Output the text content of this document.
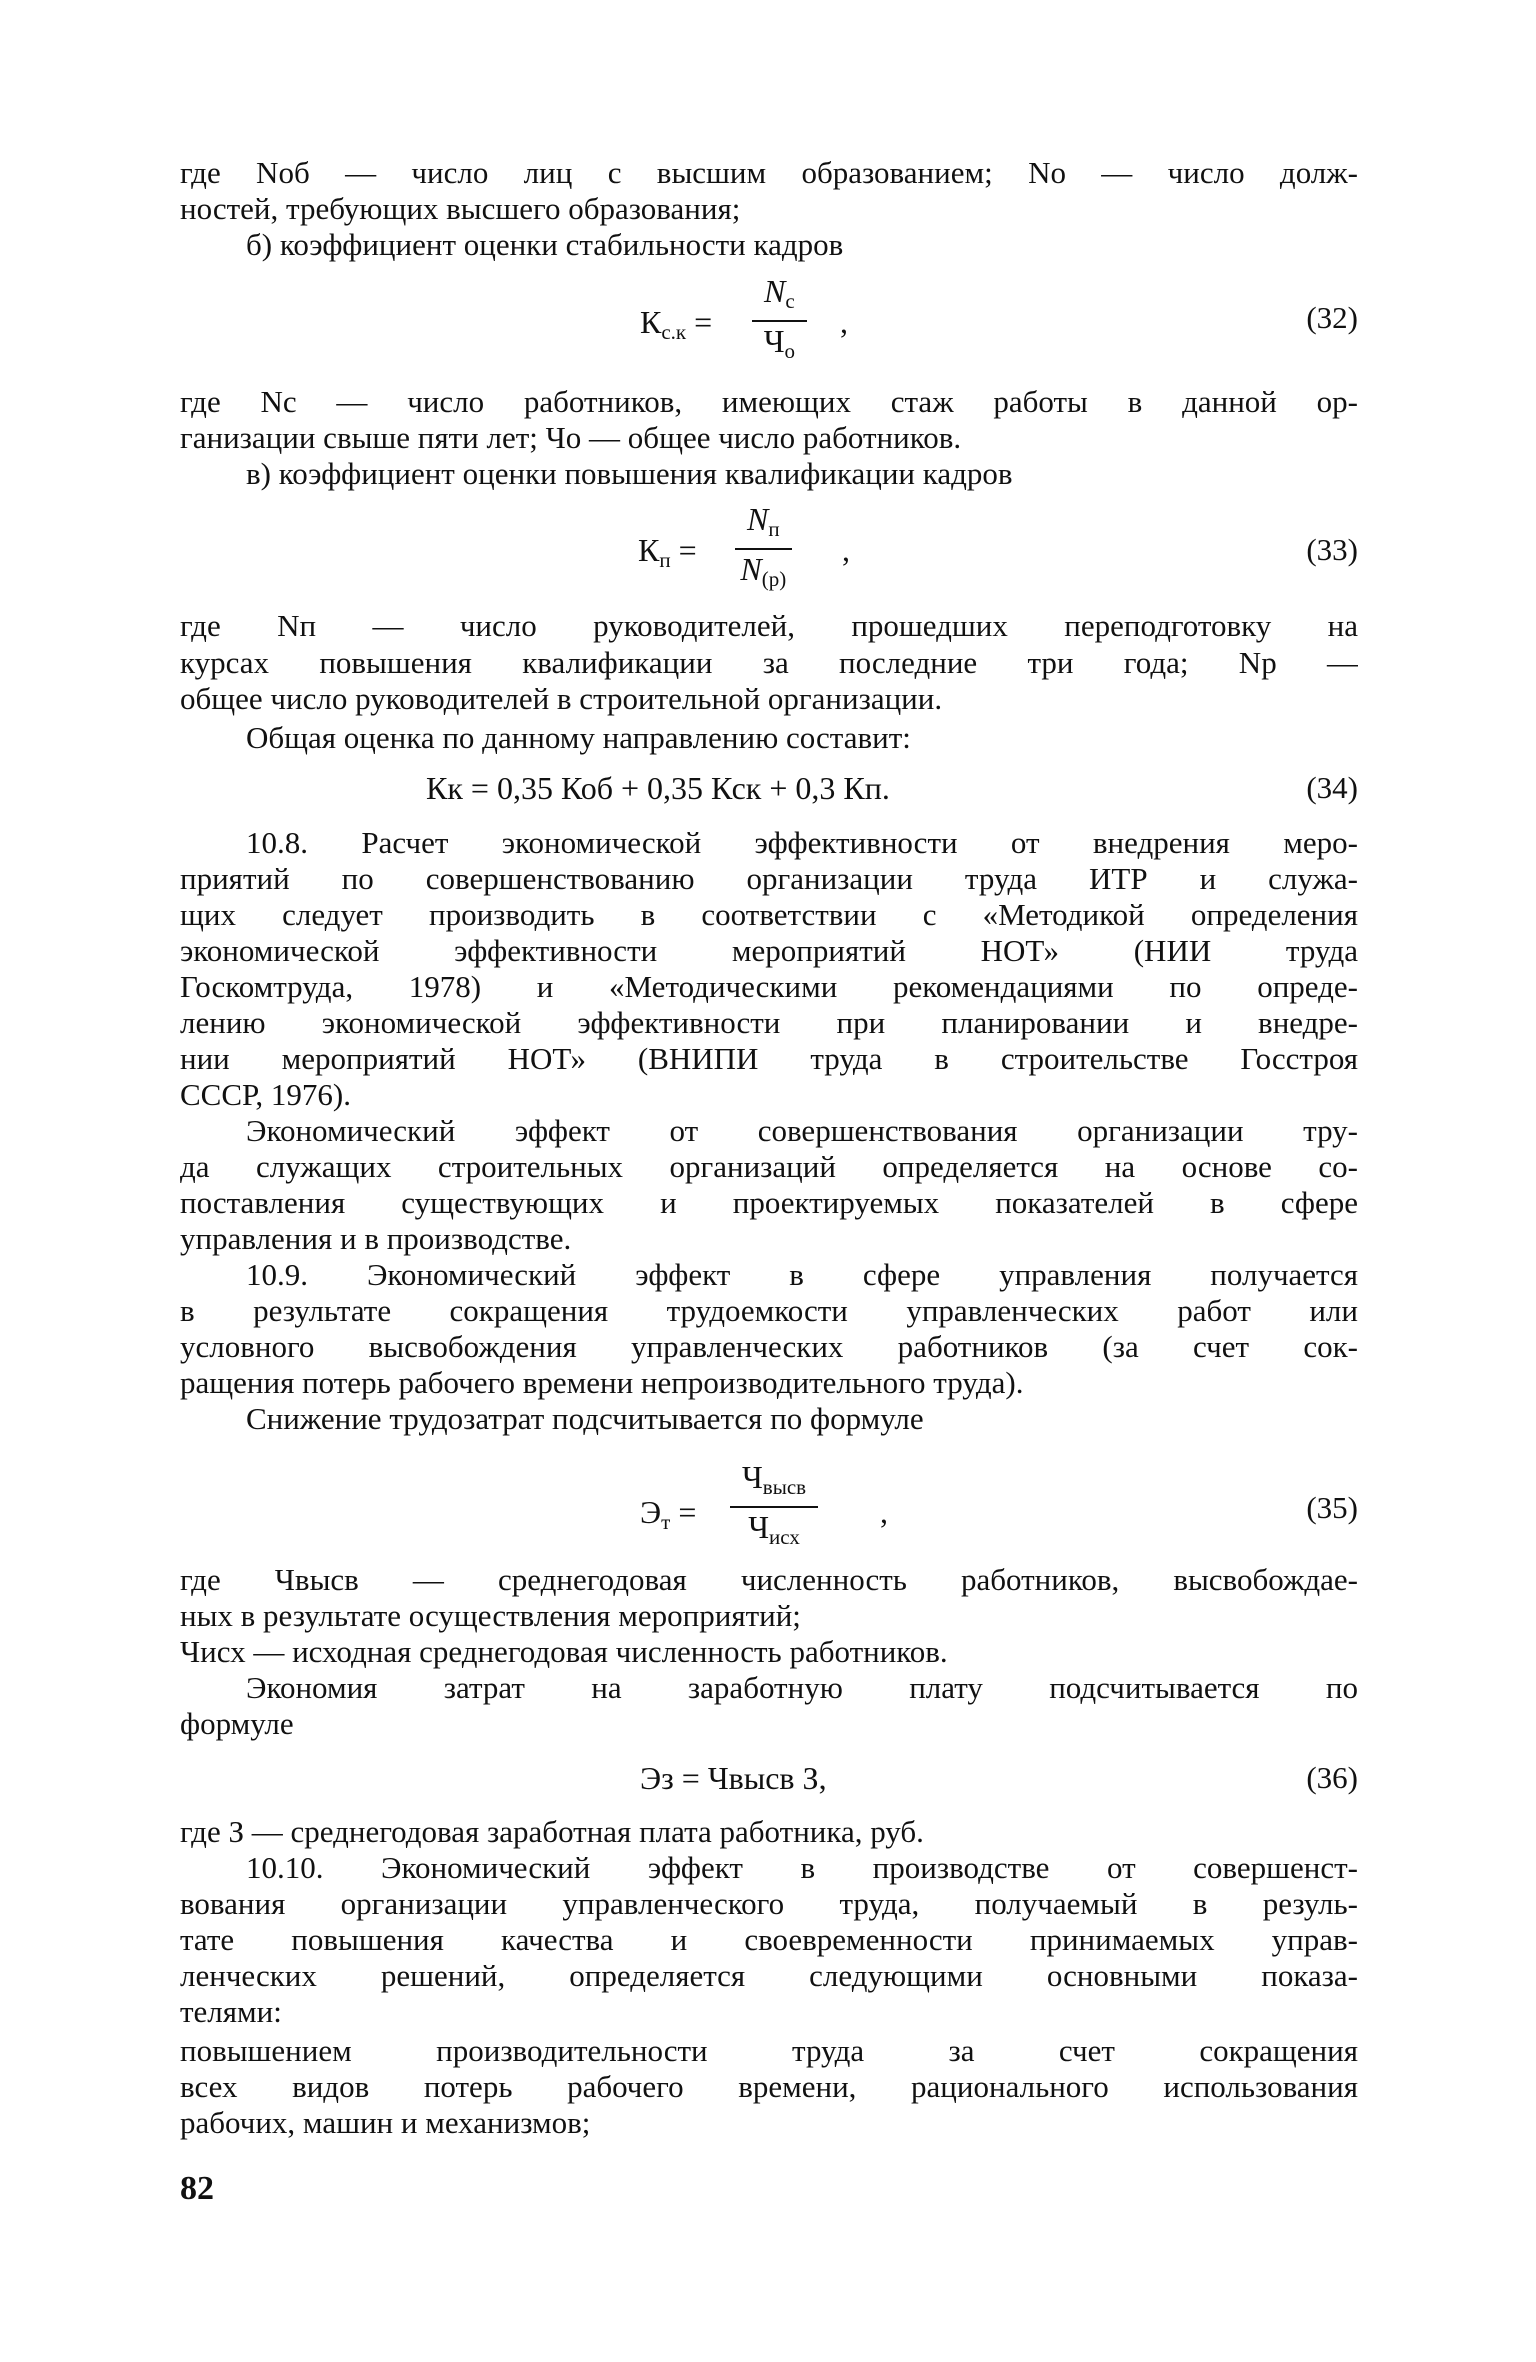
где Nоб — число лиц с высшим образованием; Nо — число долж-
ностей, требующих высшего образования;
б) коэффициент оценки стабильности кадров
где Nс — число работников, имеющих стаж работы в данной ор-
ганизации свыше пяти лет; Чо — общее число работников.
в) коэффициент оценки повышения квалификации кадров
где Nп — число руководителей, прошедших переподготовку на
курсах повышения квалификации за последние три года; Nр —
общее число руководителей в строительной организации.
Общая оценка по данному направлению составит:
10.8. Расчет экономической эффективности от внедрения меро-
приятий по совершенствованию организации труда ИТР и служа-
щих следует производить в соответствии с «Методикой определения
экономической эффективности мероприятий НОТ» (НИИ труда
Госкомтруда, 1978) и «Методическими рекомендациями по опреде-
лению экономической эффективности при планировании и внедре-
нии мероприятий НОТ» (ВНИПИ труда в строительстве Госстроя
СССР, 1976).
Экономический эффект от совершенствования организации тру-
да служащих строительных организаций определяется на основе со-
поставления существующих и проектируемых показателей в сфере
управления и в производстве.
10.9. Экономический эффект в сфере управления получается
в результате сокращения трудоемкости управленческих работ или
условного высвобождения управленческих работников (за счет сок-
ращения потерь рабочего времени непроизводительного труда).
Снижение трудозатрат подсчитывается по формуле
где Чвысв — среднегодовая численность работников, высвобождае-
ных в результате осуществления мероприятий;
Чисх — исходная среднегодовая численность работников.
Экономия затрат на заработную плату подсчитывается по
формуле
где З — среднегодовая заработная плата работника, руб.
10.10. Экономический эффект в производстве от совершенст-
вования организации управленческого труда, получаемый в резуль-
тате повышения качества и своевременности принимаемых управ-
ленческих решений, определяется следующими основными показа-
телями:
повышением производительности труда за счет сокращения
всех видов потерь рабочего времени, рационального использования
рабочих, машин и механизмов;
$К_{с.к}$ =
$N_с$
$Ч_о$
,	(32)
$К_п$ =
$N_п$
$N_{(р)}$
,	(33)
Кк = 0,35 Коб + 0,35 Кск + 0,3 Кп.	(34)
$Э_т$ =
$Ч_{высв}$
$Ч_{исх}$
,	(35)
Эз = Чвысв З,	(36)
82
